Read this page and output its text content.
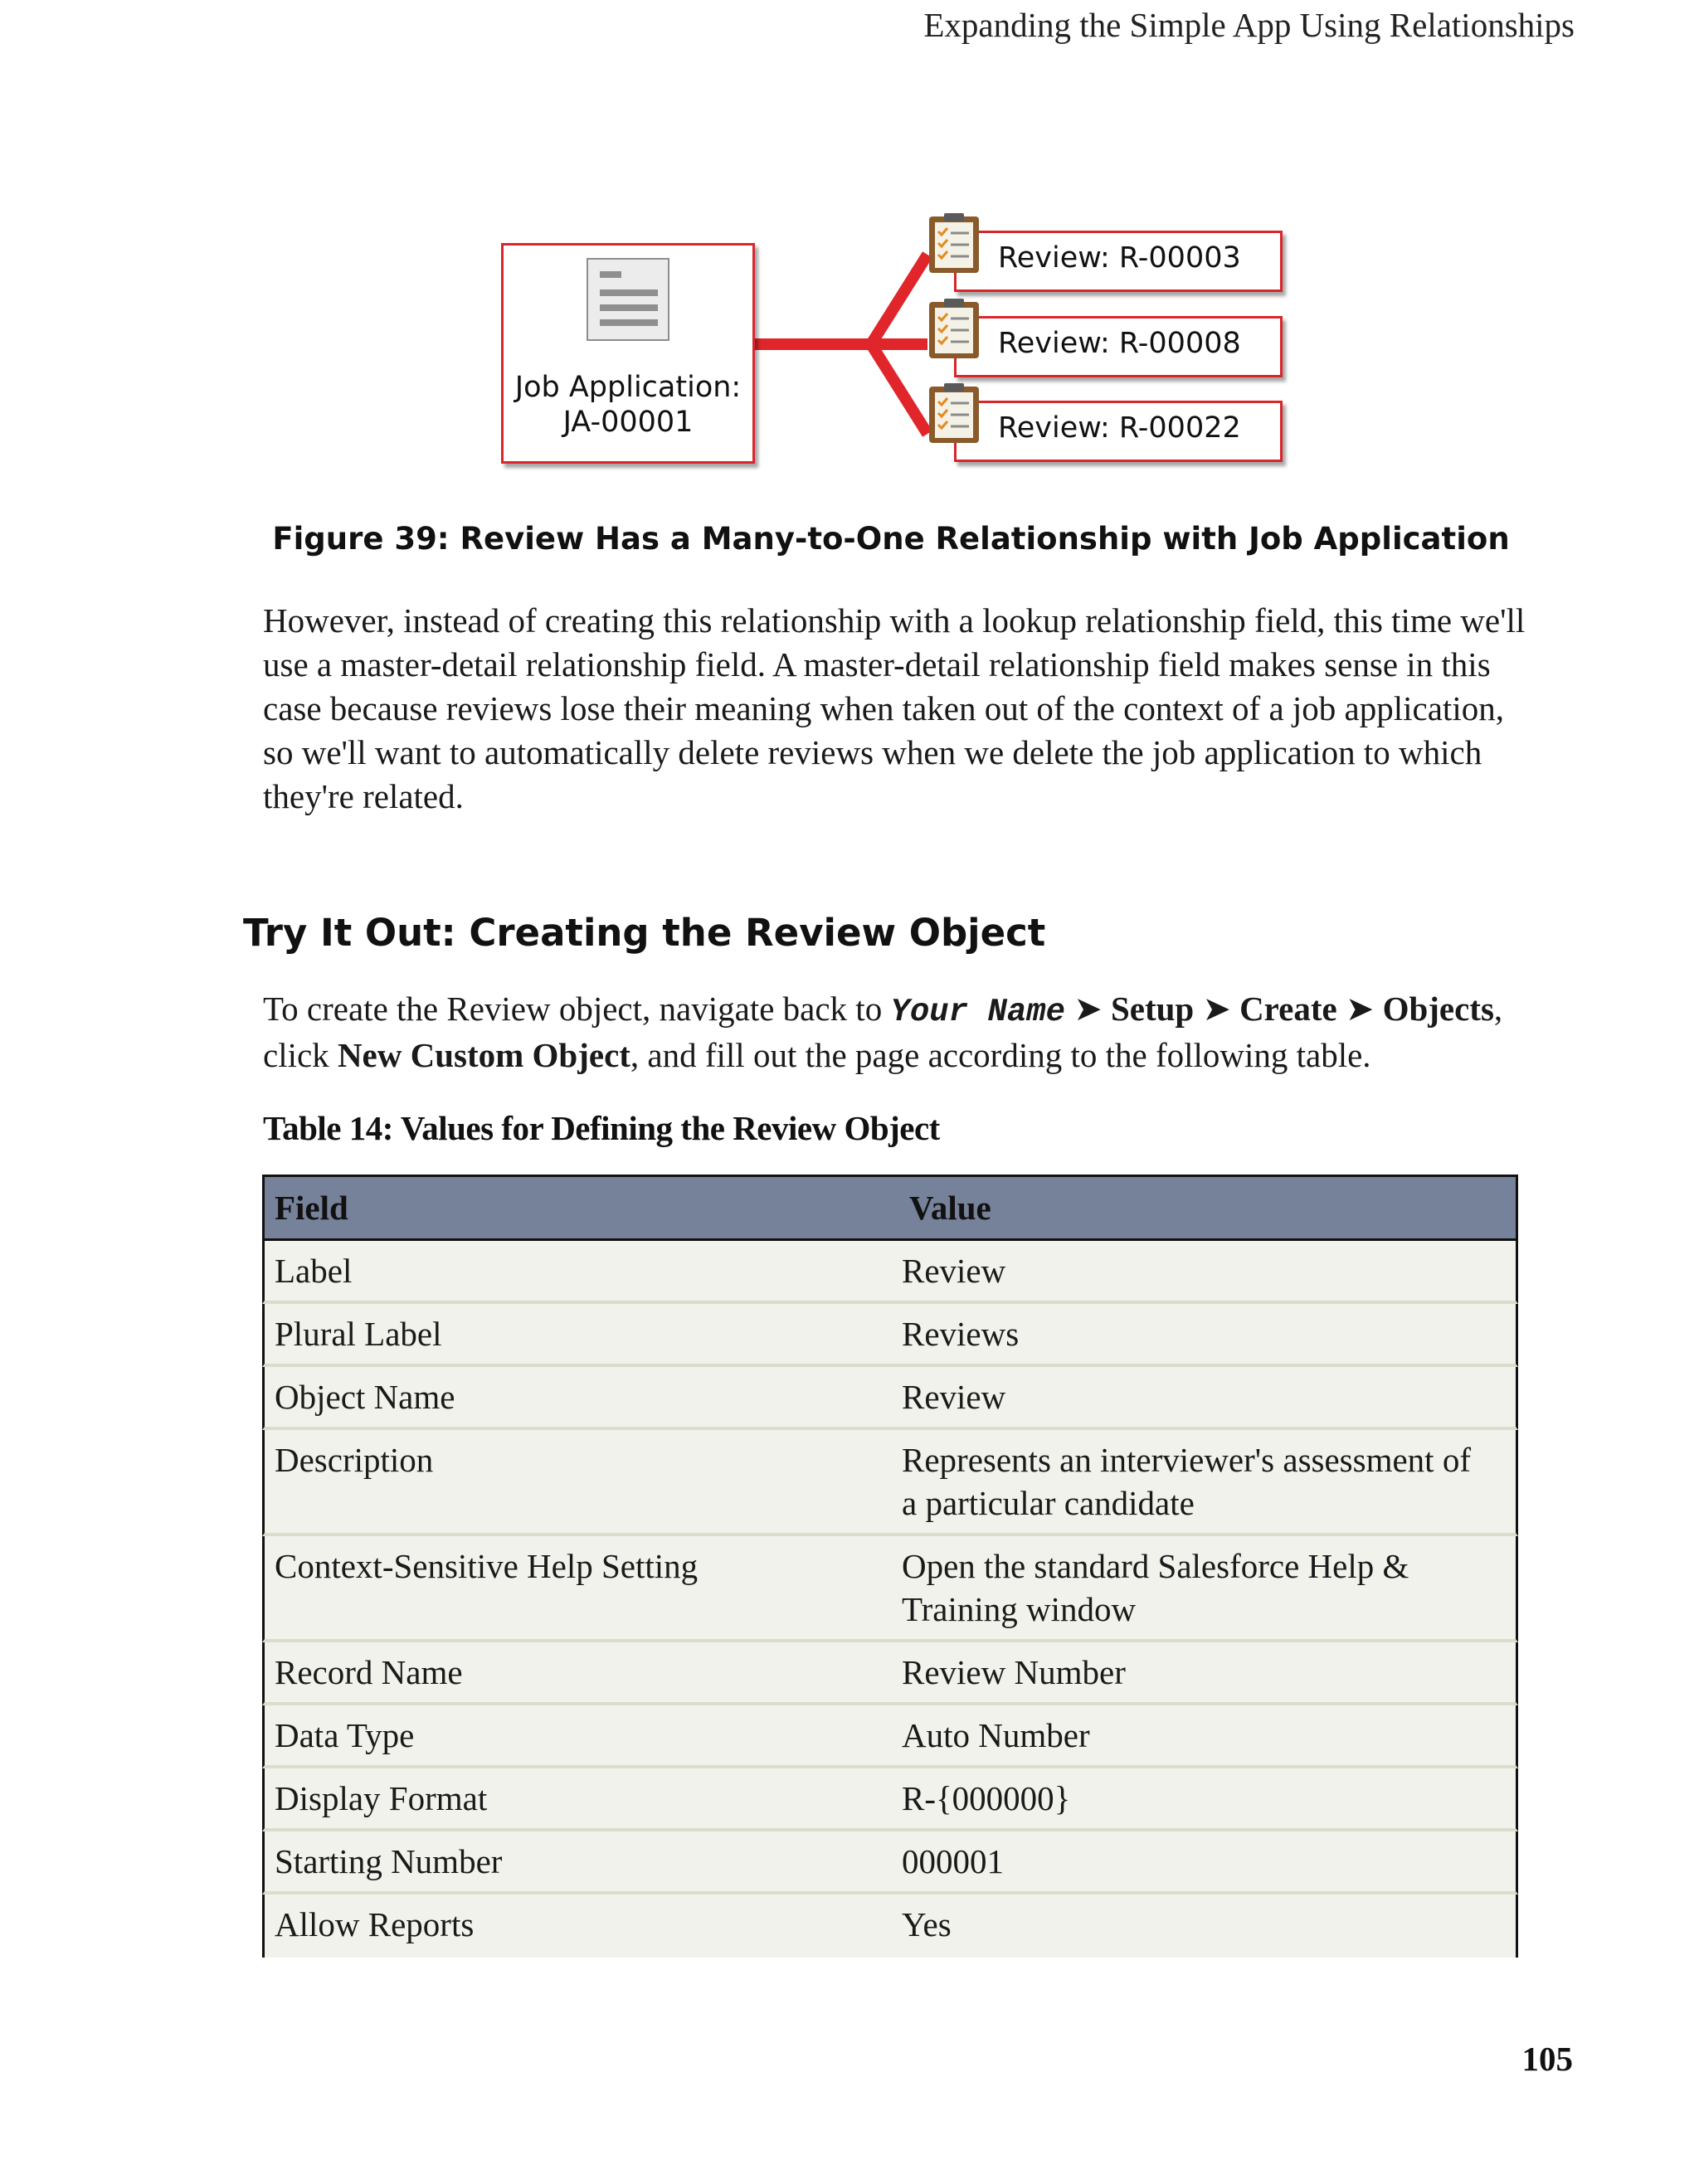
Expanding the Simple App Using Relationships
Job Application:
JA-00001
Review: R-00003
Review: R-00008
Review: R-00022
Figure 39: Review Has a Many-to-One Relationship with Job Application

However, instead of creating this relationship with a lookup relationship field, this time we'll use a master-detail relationship field. A master-detail relationship field makes sense in this case because reviews lose their meaning when taken out of the context of a job application, so we'll want to automatically delete reviews when we delete the job application to which they're related.

Try It Out: Creating the Review Object

To create the Review object, navigate back to Your Name ➤ Setup ➤ Create ➤ Objects,
click New Custom Object, and fill out the page according to the following table.

Table 14: Values for Defining the Review Object
Field	Value
Label	Review
Plural Label	Reviews
Object Name	Review
Description	Represents an interviewer's assessment of a particular candidate
Context-Sensitive Help Setting	Open the standard Salesforce Help & Training window
Record Name	Review Number
Data Type	Auto Number
Display Format	R-{000000}
Starting Number	000001
Allow Reports	Yes
105
